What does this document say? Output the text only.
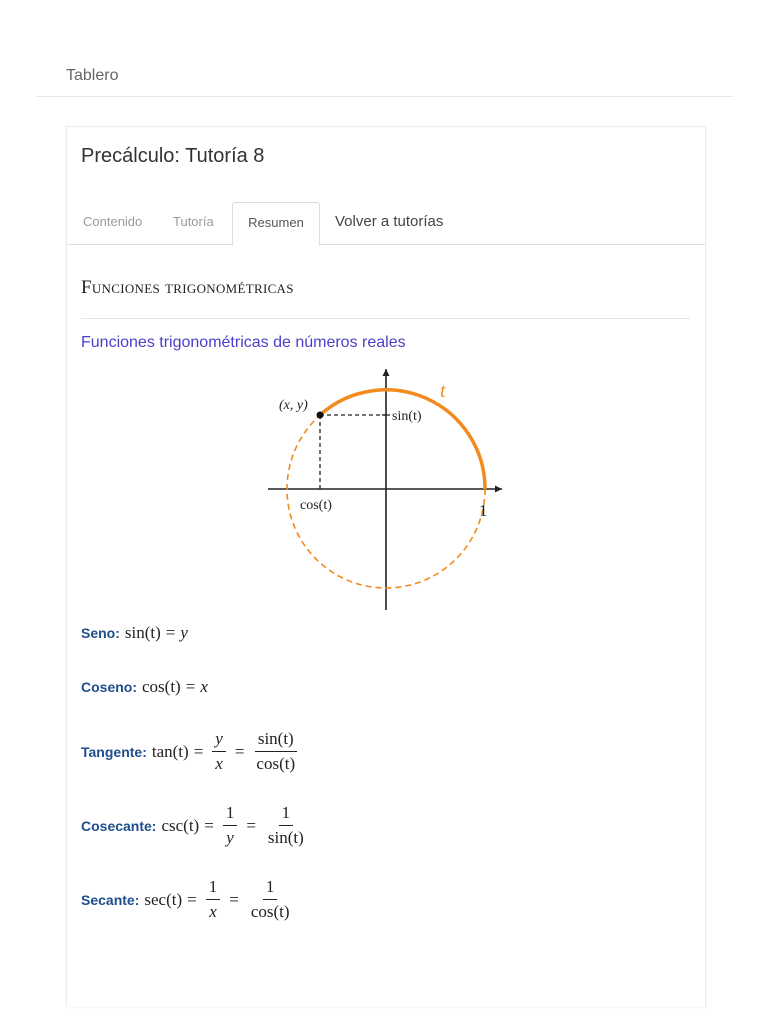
Tablero
Precálculo: Tutoría 8
Contenido Tutoría	Resumen	Volver a tutorías
Funciones trigonométricas
Funciones trigonométricas de números reales
(x, y)
t
sin(t)
cos(t)	1
Seno: sin(t) = y
Coseno: cos(t) = x
Tangente: $\tan(t) = \frac{y}{x} = \frac{\sin(t)}{\cos(t)}$
Cosecante: $\csc(t) = \frac{1}{y} = \frac{1}{\sin(t)}$
Secante: $\sec(t) = \frac{1}{x} = \frac{1}{\cos(t)}$
